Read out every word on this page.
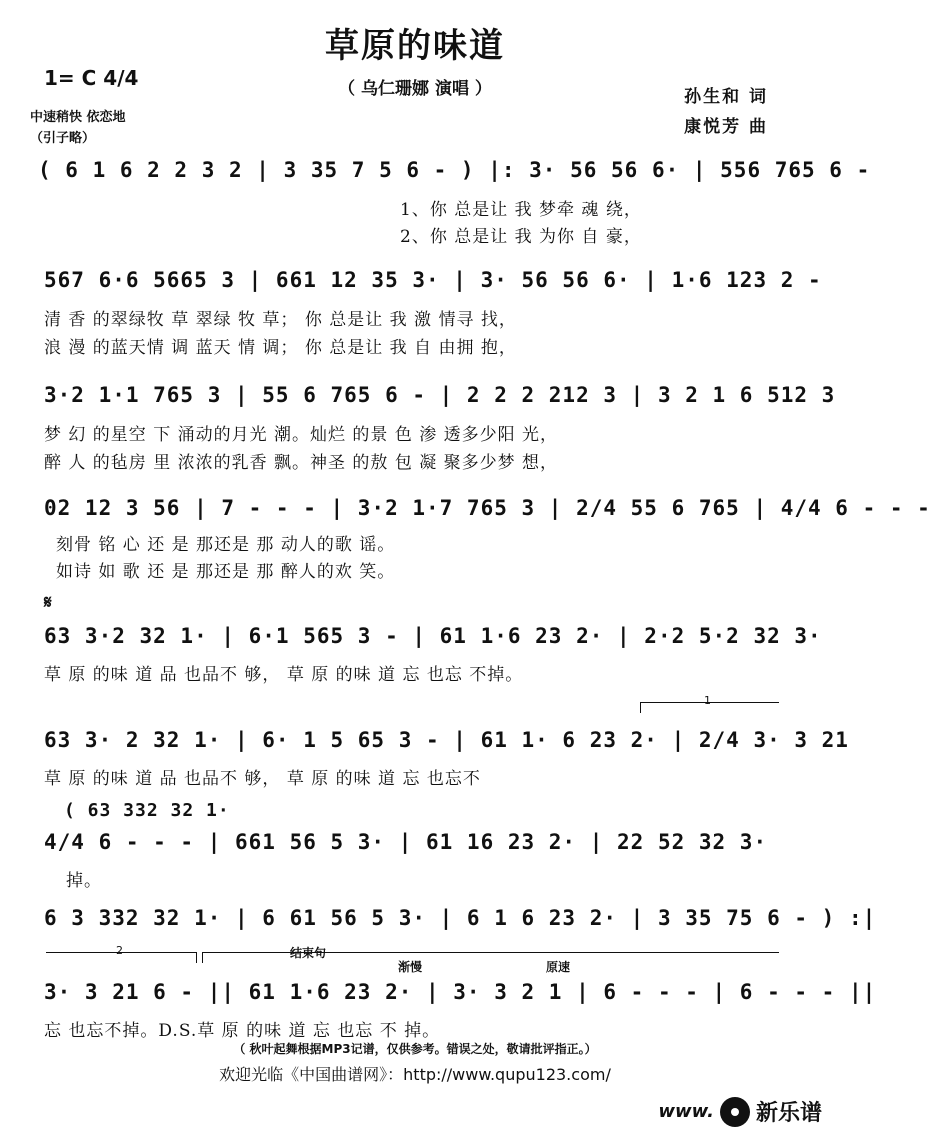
草原的味道
（ 乌仁珊娜 演唱 ）
1= C 4/4
中速稍快 依恋地
（引子略）
孙生和 词
康悦芳 曲
( 6 1 6 2 2 3 2 | 3 35 7 5 6 - ) |: 3· 56 56 6· | 556 765 6 -
1、你 总是让 我 梦牵 魂 绕，
2、你 总是让 我 为你 自 豪，
567 6·6 5665 3 | 661 12 35 3· | 3· 56 56 6· | 1·6 123 2 -
清 香 的翠绿牧 草 翠绿 牧 草； 你 总是让 我 激 情寻 找，
浪 漫 的蓝天情 调 蓝天 情 调； 你 总是让 我 自 由拥 抱，
3·2 1·1 765 3 | 55 6 765 6 - | 2 2 2 212 3 | 3 2 1 6 512 3
梦 幻 的星空 下 涌动的月光 潮。灿烂 的景 色 渗 透多少阳 光，
醉 人 的毡房 里 浓浓的乳香 飘。神圣 的敖 包 凝 聚多少梦 想，
02 12 3 56 | 7 - - - | 3·2 1·7 765 3 | 2/4 55 6 765 | 4/4 6 - - -
刻骨 铭 心 还 是 那还是 那 动人的歌 谣。
如诗 如 歌 还 是 那还是 那 醉人的欢 笑。
𝄋
63 3·2 32 1· | 6·1 565 3 - | 61 1·6 23 2· | 2·2 5·2 32 3·
草 原 的味 道 品 也品不 够， 草 原 的味 道 忘 也忘 不掉。
1
63 3· 2 32 1· | 6· 1 5 65 3 - | 61 1· 6 23 2· | 2/4 3· 3 21
草 原 的味 道 品 也品不 够， 草 原 的味 道 忘 也忘不
( 63 332 32 1·
4/4 6 - - - | 661 56 5 3· | 61 16 23 2· | 22 52 32 3·
掉。
6 3 332 32 1· | 6 61 56 5 3· | 6 1 6 23 2· | 3 35 75 6 - ) :|
2	结束句
渐慢	原速
3· 3 21 6 - || 61 1·6 23 2· | 3· 3 2 1 | 6 - - - | 6 - - - ||
忘 也忘不掉。D.S.草 原 的味 道 忘 也忘 不 掉。
（ 秋叶起舞根据MP3记谱，仅供参考。错误之处，敬请批评指正。）
欢迎光临《中国曲谱网》：http://www.qupu123.com/
www. 新乐谱
